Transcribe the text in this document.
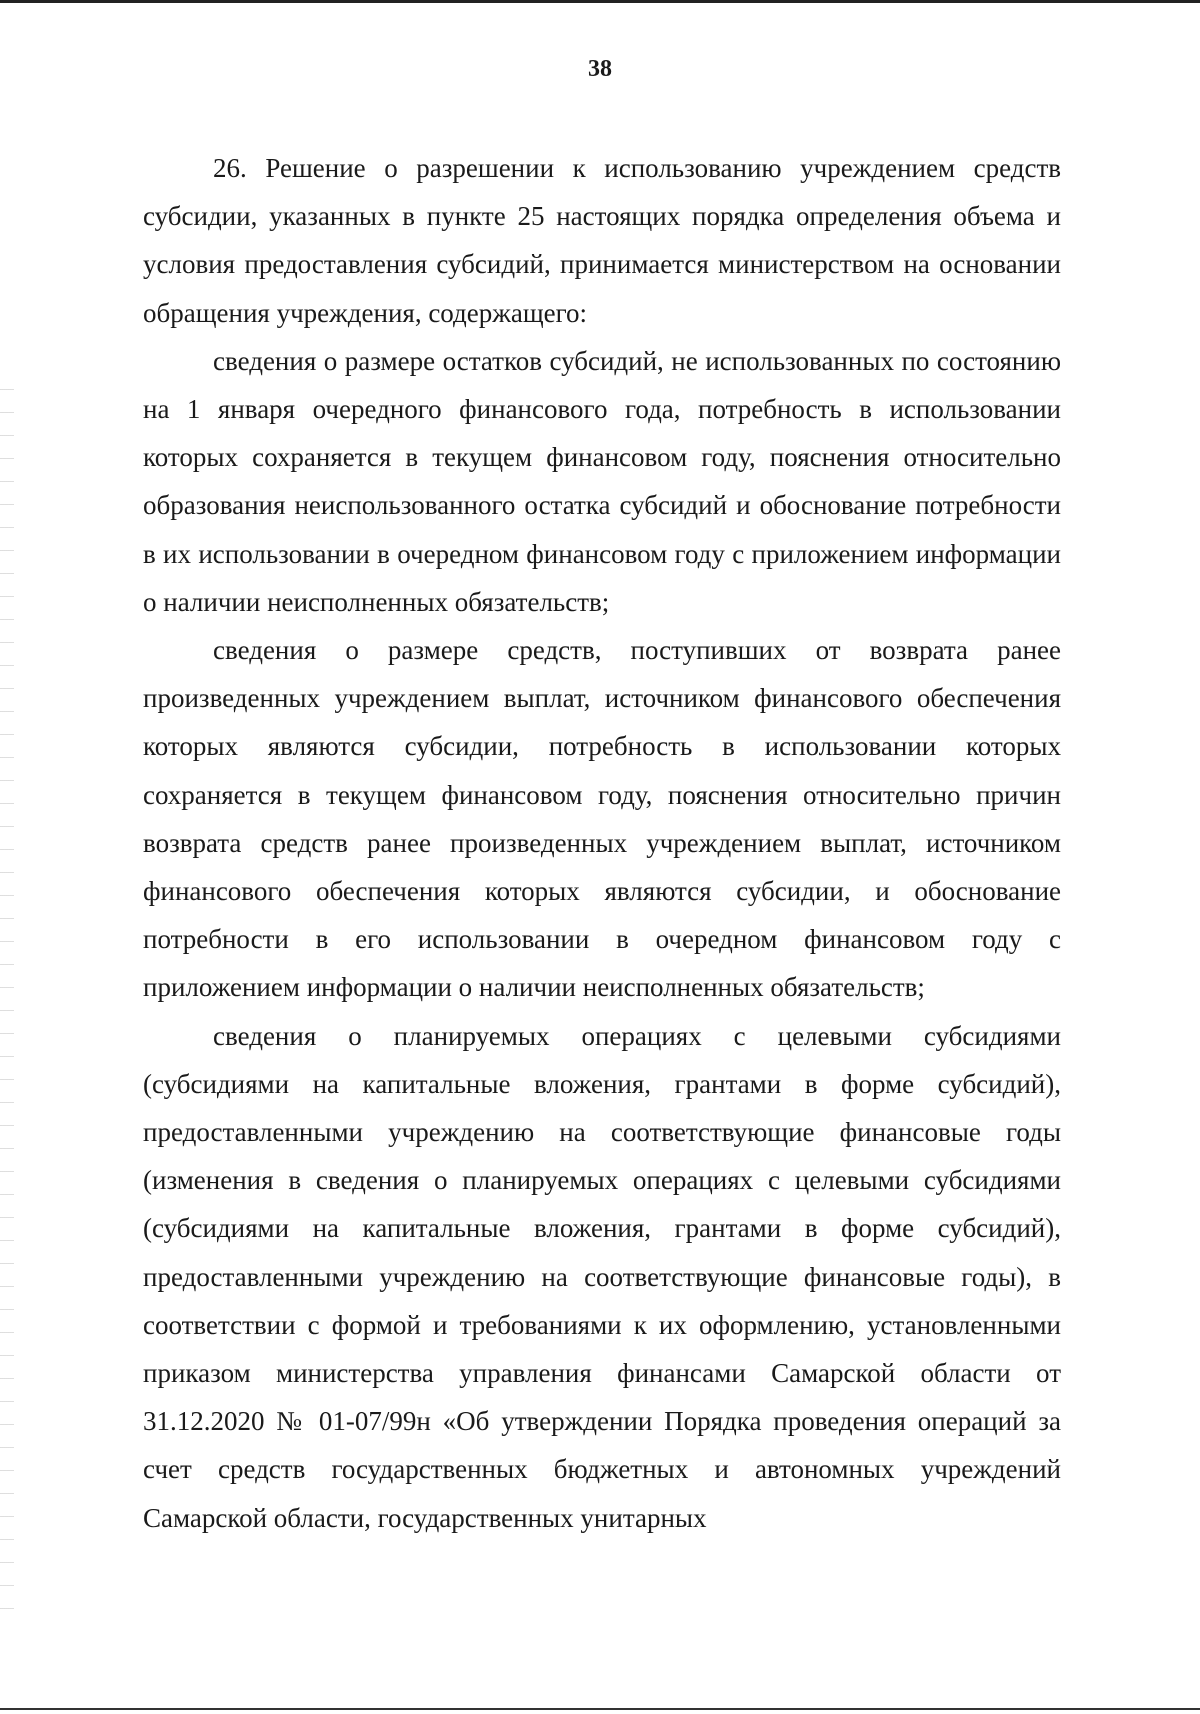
38

26. Решение о разрешении к использованию учреждением средств субсидии, указанных в пункте 25 настоящих порядка определения объема и условия предоставления субсидий, принимается министерством на основании обращения учреждения, содержащего:

сведения о размере остатков субсидий, не использованных по состоянию на 1 января очередного финансового года, потребность в использовании которых сохраняется в текущем финансовом году, пояснения относительно образования неиспользованного остатка субсидий и обоснование потребности в их использовании в очередном финансовом году с приложением информации о наличии неисполненных обязательств;

сведения о размере средств, поступивших от возврата ранее произведенных учреждением выплат, источником финансового обеспечения которых являются субсидии, потребность в использовании которых сохраняется в текущем финансовом году, пояснения относительно причин возврата средств ранее произведенных учреждением выплат, источником финансового обеспечения которых являются субсидии, и обоснование потребности в его использовании в очередном финансовом году с приложением информации о наличии неисполненных обязательств;

сведения о планируемых операциях с целевыми субсидиями (субсидиями на капитальные вложения, грантами в форме субсидий), предоставленными учреждению на соответствующие финансовые годы (изменения в сведения о планируемых операциях с целевыми субсидиями (субсидиями на капитальные вложения, грантами в форме субсидий), предоставленными учреждению на соответствующие финансовые годы), в соответствии с формой и требованиями к их оформлению, установленными приказом министерства управления финансами Самарской области от 31.12.2020 № 01-07/99н «Об утверждении Порядка проведения операций за счет средств государственных бюджетных и автономных учреждений Самарской области, государственных унитарных
